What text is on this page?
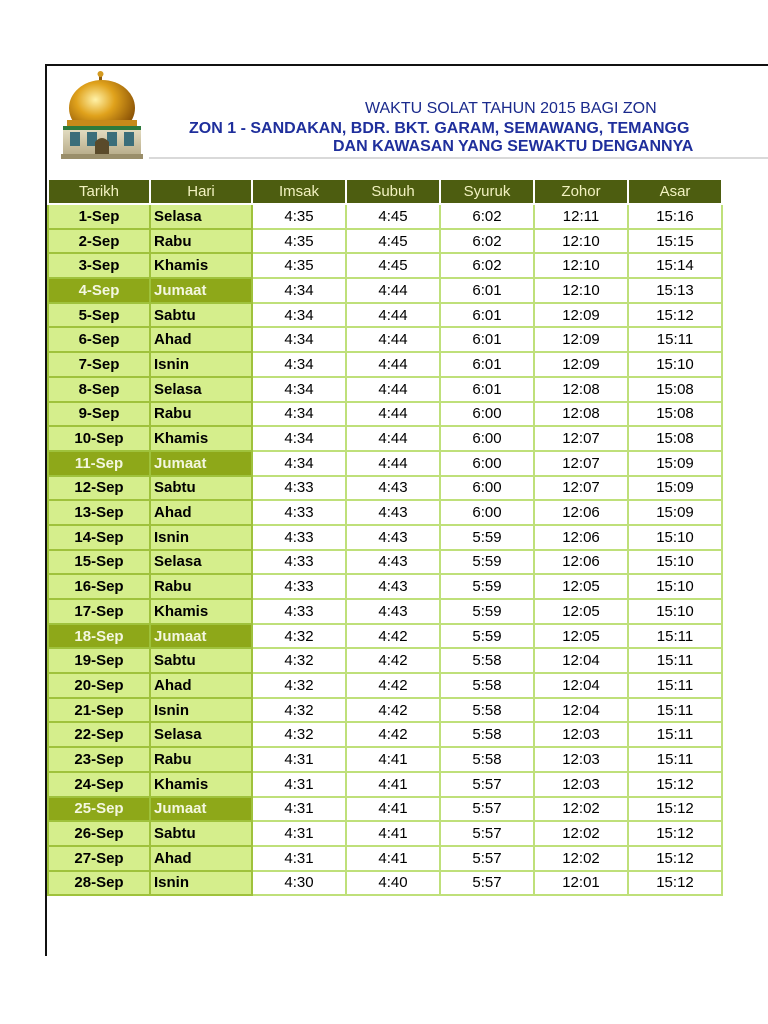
WAKTU SOLAT TAHUN 2015 BAGI ZON
ZON 1 - SANDAKAN, BDR. BKT. GARAM, SEMAWANG, TEMANGG
DAN KAWASAN YANG SEWAKTU DENGANNYA
Tarikh	Hari	Imsak	Subuh	Syuruk	Zohor	Asar
1-Sep	Selasa	4:35	4:45	6:02	12:11	15:16
2-Sep	Rabu	4:35	4:45	6:02	12:10	15:15
3-Sep	Khamis	4:35	4:45	6:02	12:10	15:14
4-Sep	Jumaat	4:34	4:44	6:01	12:10	15:13
5-Sep	Sabtu	4:34	4:44	6:01	12:09	15:12
6-Sep	Ahad	4:34	4:44	6:01	12:09	15:11
7-Sep	Isnin	4:34	4:44	6:01	12:09	15:10
8-Sep	Selasa	4:34	4:44	6:01	12:08	15:08
9-Sep	Rabu	4:34	4:44	6:00	12:08	15:08
10-Sep	Khamis	4:34	4:44	6:00	12:07	15:08
11-Sep	Jumaat	4:34	4:44	6:00	12:07	15:09
12-Sep	Sabtu	4:33	4:43	6:00	12:07	15:09
13-Sep	Ahad	4:33	4:43	6:00	12:06	15:09
14-Sep	Isnin	4:33	4:43	5:59	12:06	15:10
15-Sep	Selasa	4:33	4:43	5:59	12:06	15:10
16-Sep	Rabu	4:33	4:43	5:59	12:05	15:10
17-Sep	Khamis	4:33	4:43	5:59	12:05	15:10
18-Sep	Jumaat	4:32	4:42	5:59	12:05	15:11
19-Sep	Sabtu	4:32	4:42	5:58	12:04	15:11
20-Sep	Ahad	4:32	4:42	5:58	12:04	15:11
21-Sep	Isnin	4:32	4:42	5:58	12:04	15:11
22-Sep	Selasa	4:32	4:42	5:58	12:03	15:11
23-Sep	Rabu	4:31	4:41	5:58	12:03	15:11
24-Sep	Khamis	4:31	4:41	5:57	12:03	15:12
25-Sep	Jumaat	4:31	4:41	5:57	12:02	15:12
26-Sep	Sabtu	4:31	4:41	5:57	12:02	15:12
27-Sep	Ahad	4:31	4:41	5:57	12:02	15:12
28-Sep	Isnin	4:30	4:40	5:57	12:01	15:12
